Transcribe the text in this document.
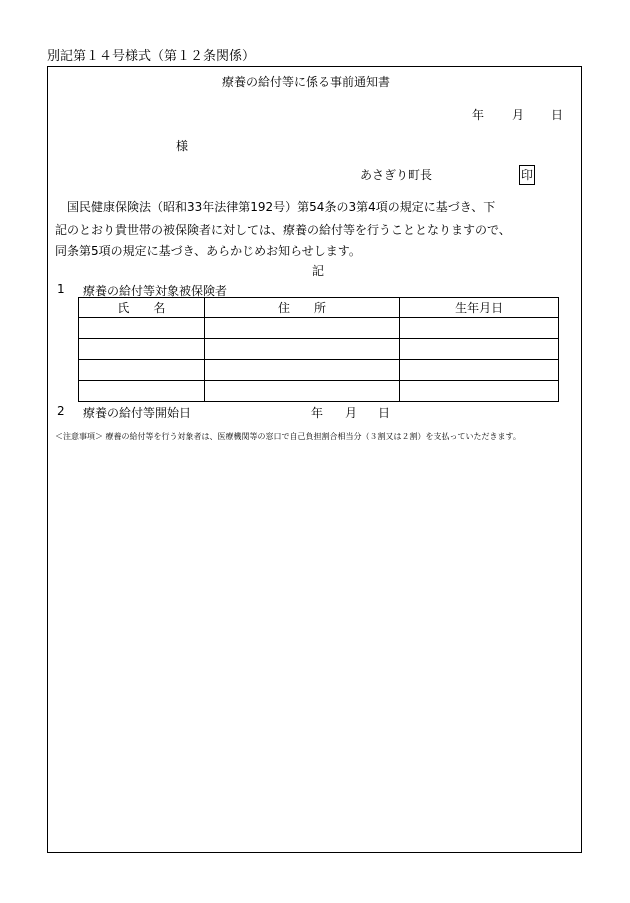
別記第１４号様式（第１２条関係）
療養の給付等に係る事前通知書
年 月 日
様
あさぎり町長	印
国民健康保険法（昭和33年法律第192号）第54条の3第4項の規定に基づき、下
記のとおり貴世帯の被保険者に対しては、療養の給付等を行うこととなりますので、
同条第5項の規定に基づき、あらかじめお知らせします。
記
1 療養の給付等対象被保険者
氏　　名	住　　所	生年月日

2 療養の給付等開始日	年 月 日
＜注意事項＞ 療養の給付等を行う対象者は、医療機関等の窓口で自己負担割合相当分（３割又は２割）を支払っていただきます。
